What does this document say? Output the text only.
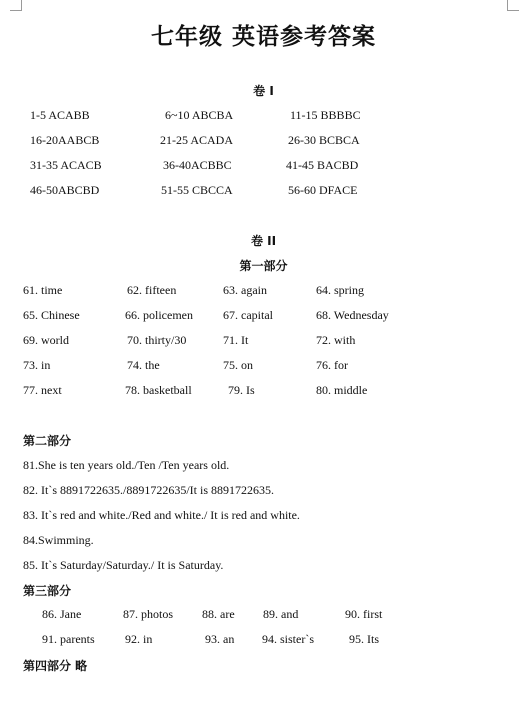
七年级 英语参考答案
卷 I
1-5 ACABB	6~10 ABCBA	11-15 BBBBC
16-20AABCB	21-25 ACADA	26-30 BCBCA
31-35 ACACB	36-40ACBBC	41-45 BACBD
46-50ABCBD	51-55 CBCCA	56-60 DFACE
卷 II
第一部分
61. time	62. fifteen	63. again	64. spring
65. Chinese	66. policemen	67. capital	68. Wednesday
69. world	70. thirty/30	71. It	72. with
73. in	74. the	75. on	76. for
77. next	78. basketball	79. Is	80. middle
第二部分
81.She is ten years old./Ten /Ten years old.
82. It`s 8891722635./8891722635/It is 8891722635.
83. It`s red and white./Red and white./ It is red and white.
84.Swimming.
85. It`s Saturday/Saturday./ It is Saturday.
第三部分
86. Jane	87. photos 88. are 89. and	90. first
91. parents	92. in	93. an 94. sister`s	95. Its
第四部分 略
